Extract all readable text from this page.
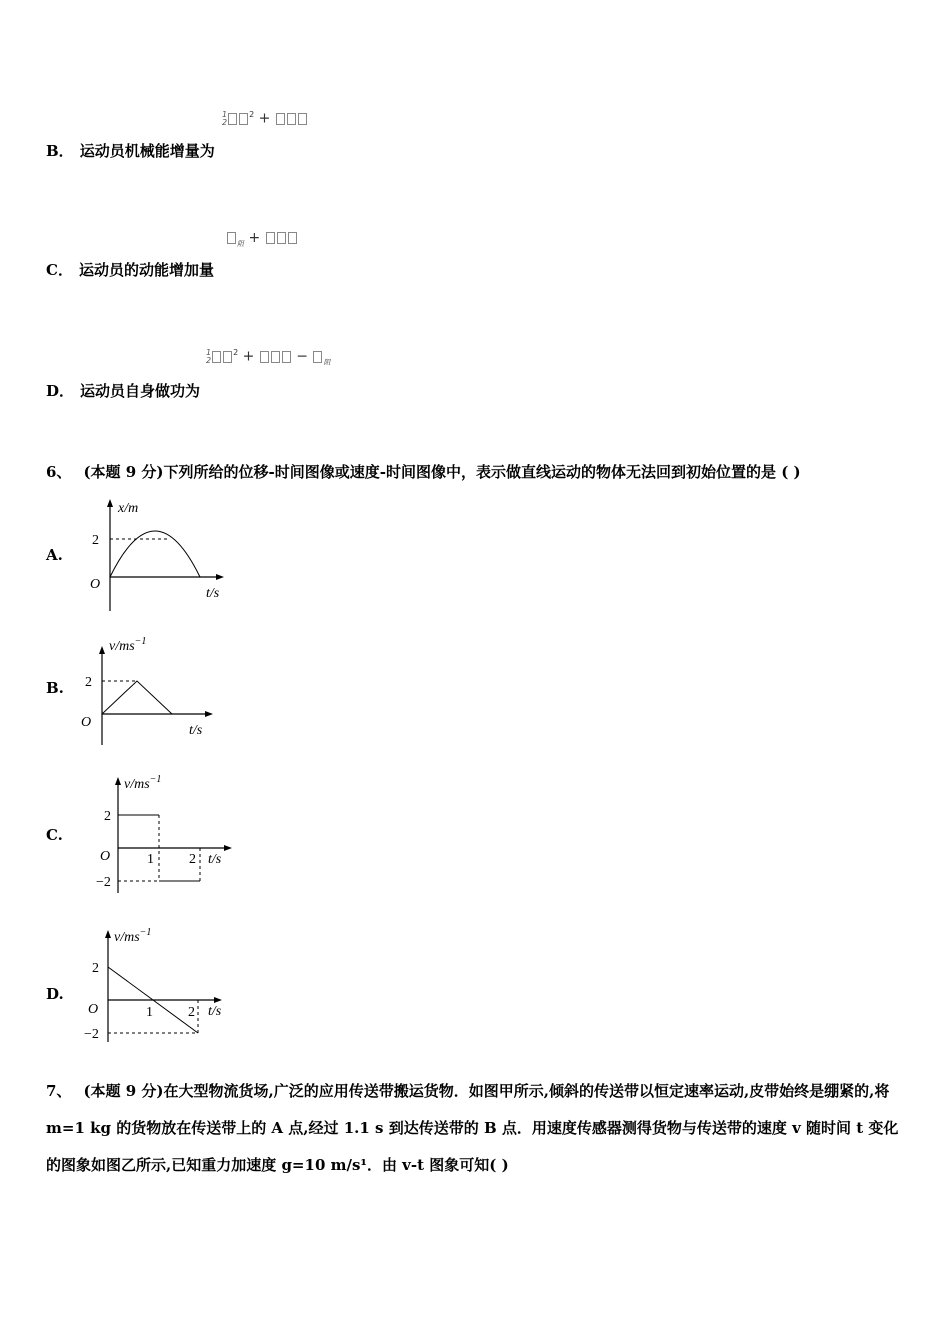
1
$2^2$ +
B． 运动员机械能增量为
$_阻$ +
C． 运动员的动能增加量
1
$2^2$ +	− $_阻$
D． 运动员自身做功为
6、 (本题 9 分)下列所给的位移-时间图像或速度-时间图像中，表示做直线运动的物体无法回到初始位置的是 ( )
A.
x/m
2
O
t/s
B.
$v/ms^{-1}$
2
O
t/s
C.
$v/ms^{-1}$
2
−2
O	1	2 t/s
D.
$v/ms^{-1}$
2
−2
O	1	2 t/s
7、 (本题 9 分)在大型物流货场,广泛的应用传送带搬运货物．如图甲所示,倾斜的传送带以恒定速率运动,皮带始终是绷紧的,将 m=1 kg 的货物放在传送带上的 A 点,经过 1.1 s 到达传送带的 B 点．用速度传感器测得货物与传送带的速度 v 随时间 t 变化的图象如图乙所示,已知重力加速度 g=10 m/s¹．由 v-t 图象可知( )
